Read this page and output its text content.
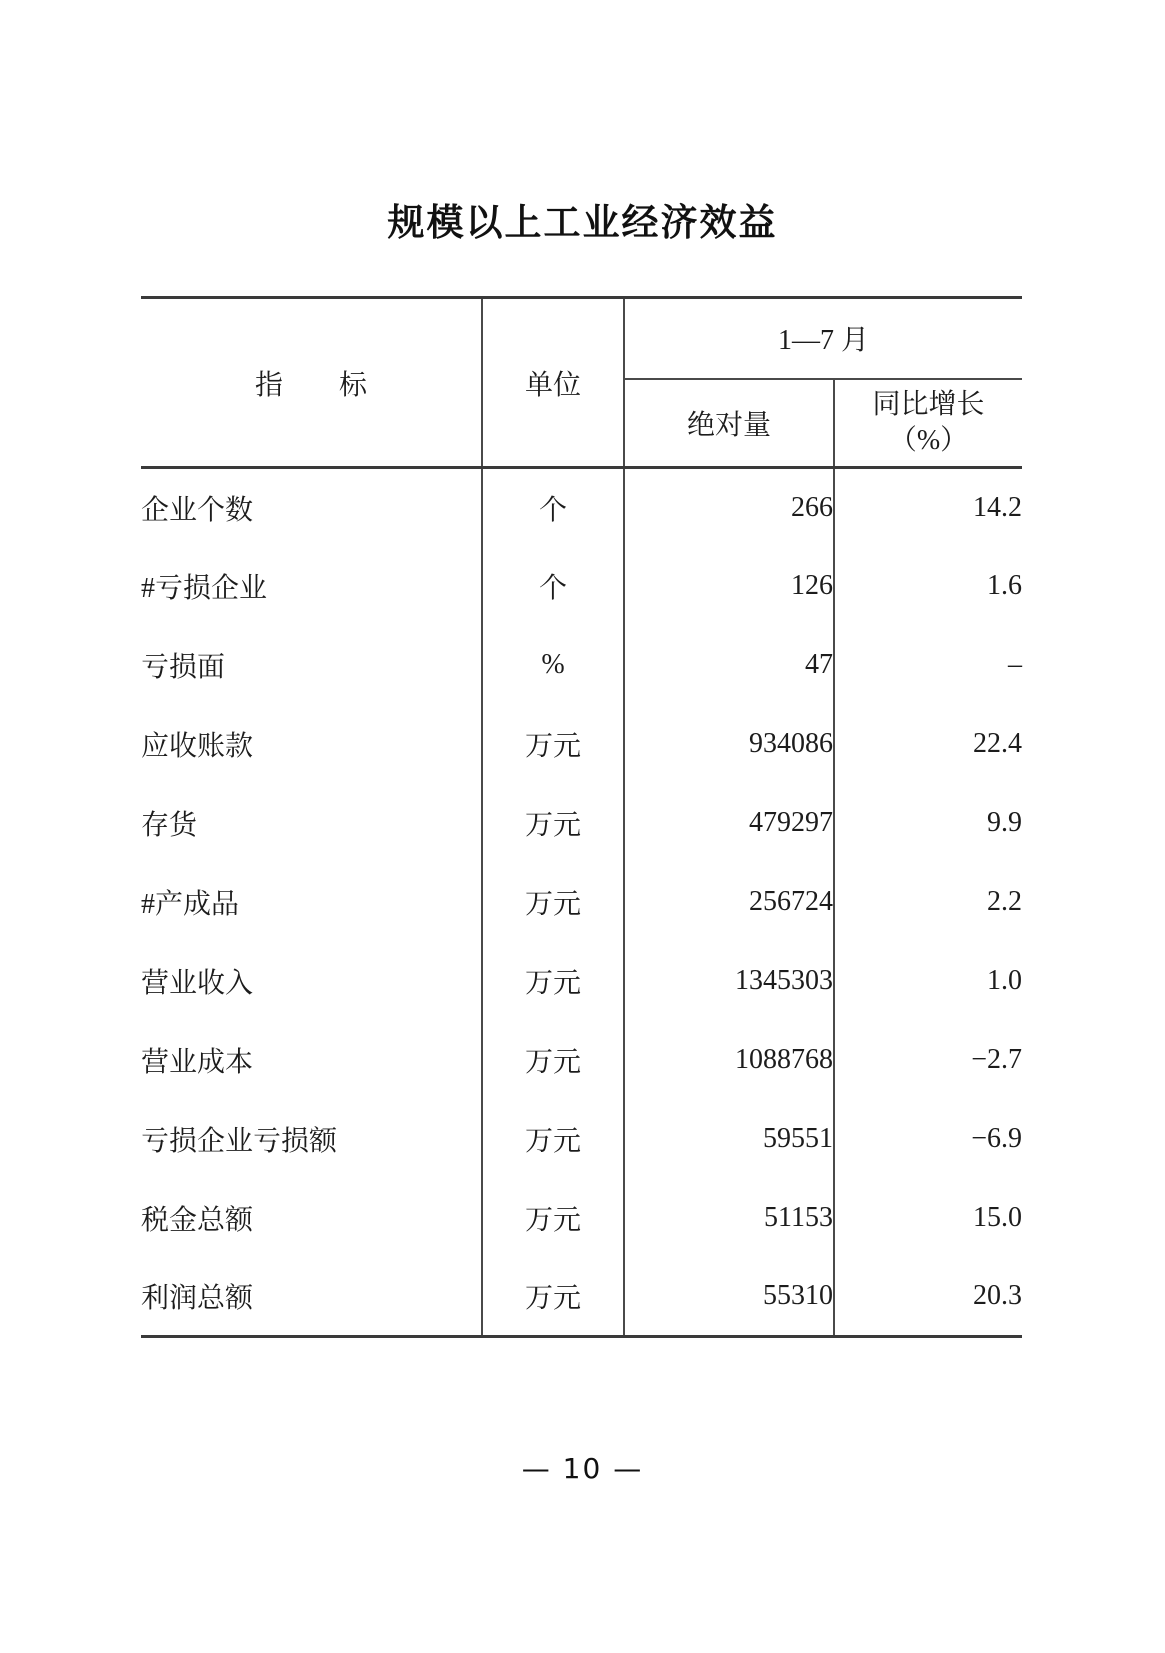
规模以上工业经济效益
指　　标	单位	1—7 月	
		绝对量	同比增长
（%）

企业个数	个	266	14.2
#亏损企业	个	126	1.6
亏损面	%	47	–
应收账款	万元	934086	22.4
存货	万元	479297	9.9
#产成品	万元	256724	2.2
营业收入	万元	1345303	1.0
营业成本	万元	1088768	−2.7
亏损企业亏损额	万元	59551	−6.9
税金总额	万元	51153	15.0
利润总额	万元	55310	20.3
— 10 —
